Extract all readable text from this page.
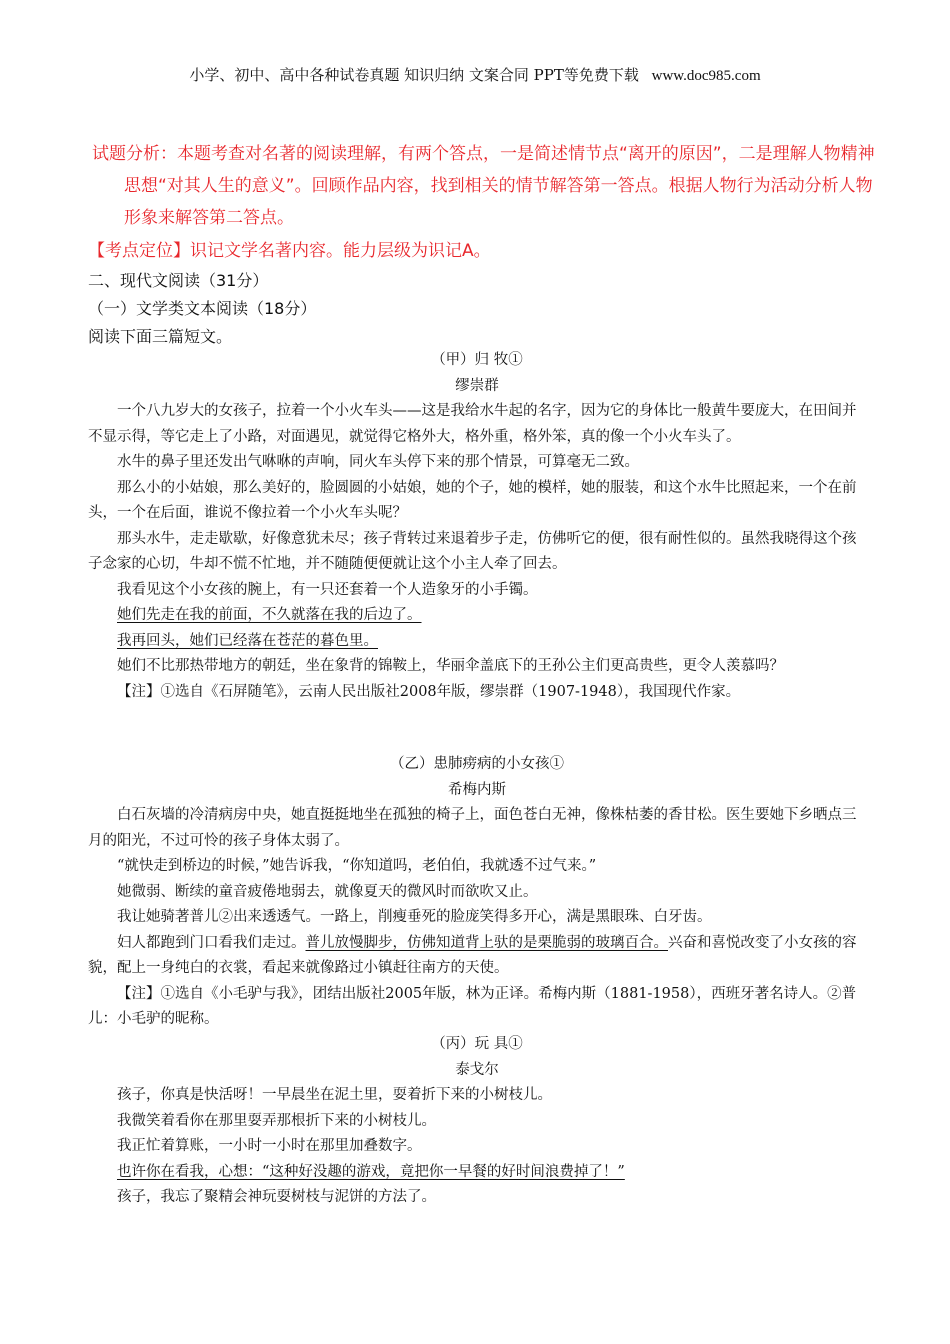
小学、初中、高中各种试卷真题 知识归纳 文案合同 PPT等免费下载 www.doc985.com

试题分析：本题考查对名著的阅读理解，有两个答点，一是简述情节点“离开的原因”，二是理解人物精神

思想“对其人生的意义”。回顾作品内容，找到相关的情节解答第一答点。根据人物行为活动分析人物

形象来解答第二答点。

【考点定位】识记文学名著内容。能力层级为识记A。
二、现代文阅读（31分）
（一）文学类文本阅读（18分）
阅读下面三篇短文。

（甲）归 牧①

缪崇群

一个八九岁大的女孩子，拉着一个小火车头——这是我给水牛起的名字，因为它的身体比一般黄牛要庞大，在田间并不显示得，等它走上了小路，对面遇见，就觉得它格外大，格外重，格外笨，真的像一个小火车头了。

水牛的鼻子里还发出气咻咻的声响，同火车头停下来的那个情景，可算毫无二致。

那么小的小姑娘，那么美好的，脸圆圆的小姑娘，她的个子，她的模样，她的服装，和这个水牛比照起来，一个在前头，一个在后面，谁说不像拉着一个小火车头呢？

那头水牛，走走歇歇，好像意犹未尽；孩子背转过来退着步子走，仿佛听它的便，很有耐性似的。虽然我晓得这个孩子念家的心切，牛却不慌不忙地，并不随随便便就让这个小主人牵了回去。

我看见这个小女孩的腕上，有一只还套着一个人造象牙的小手镯。

她们先走在我的前面，不久就落在我的后边了。

我再回头，她们已经落在苍茫的暮色里。

她们不比那热带地方的朝廷，坐在象背的锦鞍上，华丽伞盖底下的王孙公主们更高贵些，更令人羡慕吗？

【注】①选自《石屏随笔》，云南人民出版社2008年版，缪崇群（1907-1948），我国现代作家。

（乙）患肺痨病的小女孩①

希梅内斯

白石灰墙的冷清病房中央，她直挺挺地坐在孤独的椅子上，面色苍白无神，像株枯萎的香甘松。医生要她下乡晒点三月的阳光，不过可怜的孩子身体太弱了。

“就快走到桥边的时候，”她告诉我，“你知道吗，老伯伯，我就透不过气来。”

她微弱、断续的童音疲倦地弱去，就像夏天的微风时而欲吹又止。

我让她骑著普儿②出来透透气。一路上，削瘦垂死的脸庞笑得多开心，满是黑眼珠、白牙齿。

妇人都跑到门口看我们走过。普儿放慢脚步，仿佛知道背上驮的是栗脆弱的玻璃百合。兴奋和喜悦改变了小女孩的容貌，配上一身纯白的衣裳，看起来就像路过小镇赶往南方的天使。

【注】①选自《小毛驴与我》，团结出版社2005年版，林为正译。希梅内斯（1881-1958），西班牙著名诗人。②普儿：小毛驴的昵称。

（丙）玩 具①

泰戈尔

孩子，你真是快活呀！一早晨坐在泥土里，耍着折下来的小树枝儿。

我微笑着看你在那里耍弄那根折下来的小树枝儿。

我正忙着算账，一小时一小时在那里加叠数字。

也许你在看我，心想：“这种好没趣的游戏，竟把你一早餐的好时间浪费掉了！”

孩子，我忘了聚精会神玩耍树枝与泥饼的方法了。
